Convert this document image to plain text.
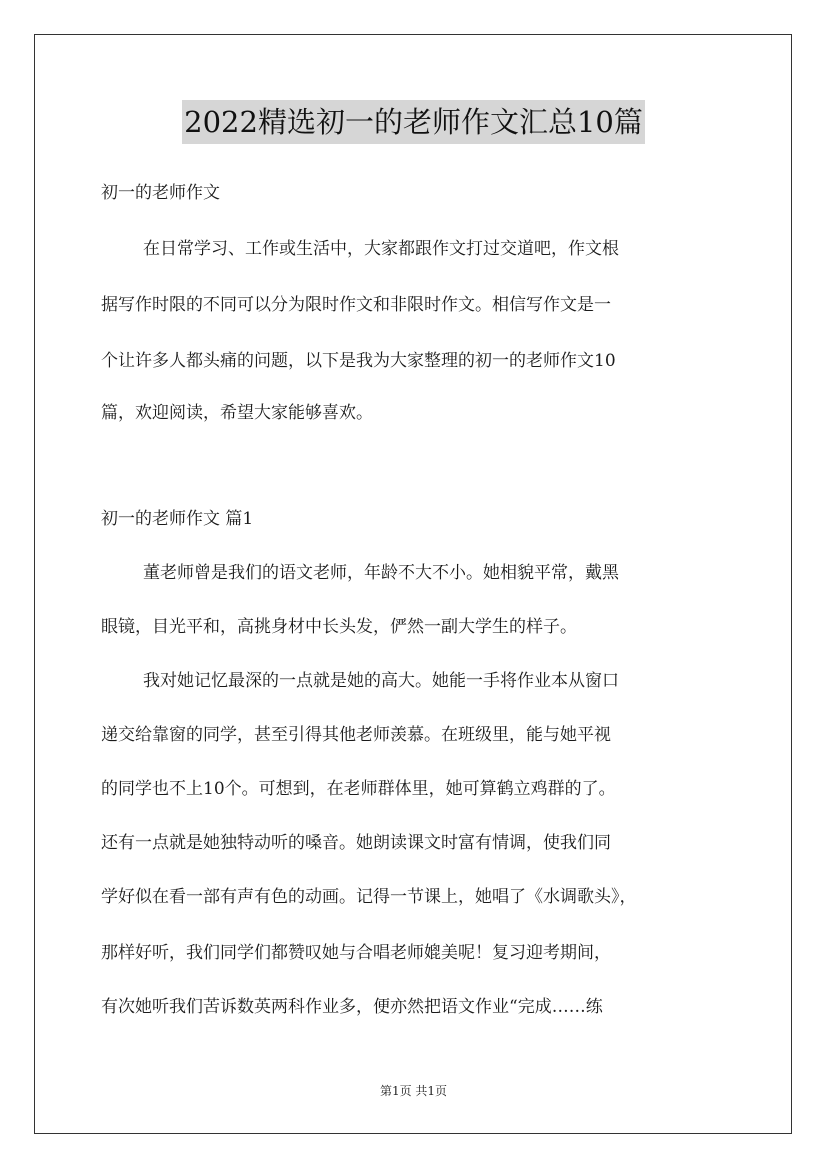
2022精选初一的老师作文汇总10篇
初一的老师作文
在日常学习、工作或生活中，大家都跟作文打过交道吧，作文根
据写作时限的不同可以分为限时作文和非限时作文。相信写作文是一
个让许多人都头痛的问题，以下是我为大家整理的初一的老师作文10
篇，欢迎阅读，希望大家能够喜欢。
初一的老师作文 篇1
董老师曾是我们的语文老师，年龄不大不小。她相貌平常，戴黑
眼镜，目光平和，高挑身材中长头发，俨然一副大学生的样子。
我对她记忆最深的一点就是她的高大。她能一手将作业本从窗口
递交给靠窗的同学，甚至引得其他老师羡慕。在班级里，能与她平视
的同学也不上10个。可想到，在老师群体里，她可算鹤立鸡群的了。
还有一点就是她独特动听的嗓音。她朗读课文时富有情调，使我们同
学好似在看一部有声有色的动画。记得一节课上，她唱了《水调歌头》，
那样好听，我们同学们都赞叹她与合唱老师媲美呢！复习迎考期间，
有次她听我们苦诉数英两科作业多，便亦然把语文作业“完成……练
第1页 共1页
